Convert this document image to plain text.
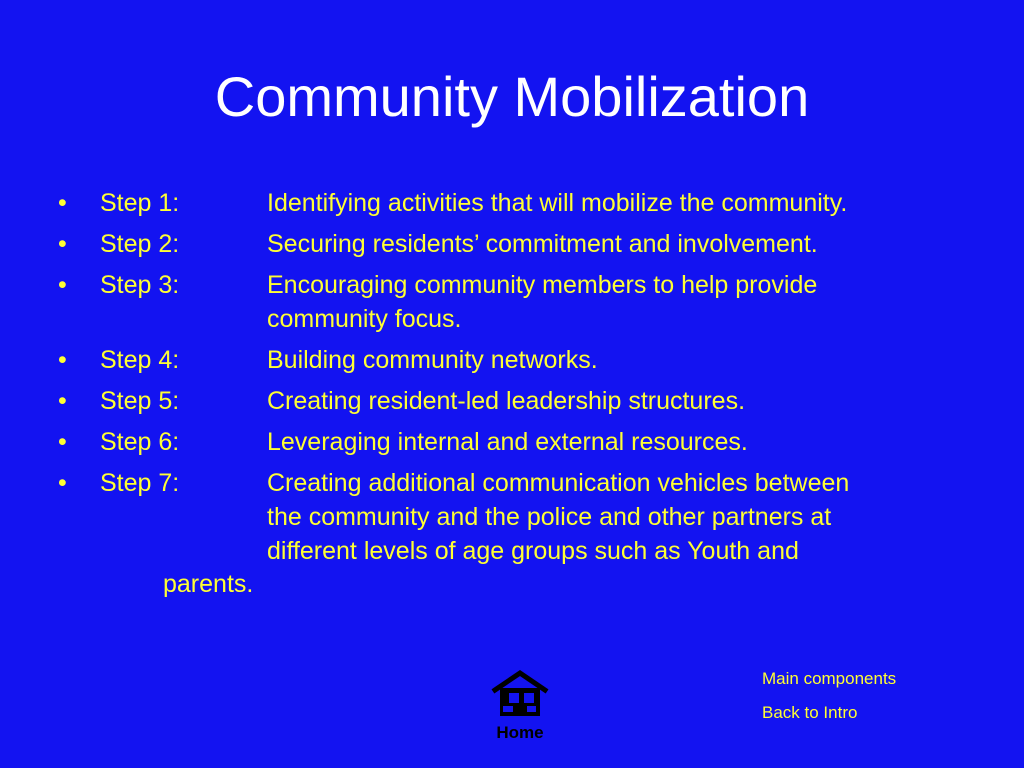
Community Mobilization
•	Step 1:	Identifying activities that will mobilize the community.
•	Step 2:	Securing residents’ commitment and involvement.
•	Step 3:	Encouraging community members to help provide
community focus.
•	Step 4:	Building community networks.
•	Step 5:	Creating resident-led leadership structures.
•	Step 6:	Leveraging internal and external resources.
•	Step 7:	Creating additional communication vehicles between
the community and the police and other partners at
different levels of age groups such as Youth and
parents.
Home
Main components
Back to Intro
